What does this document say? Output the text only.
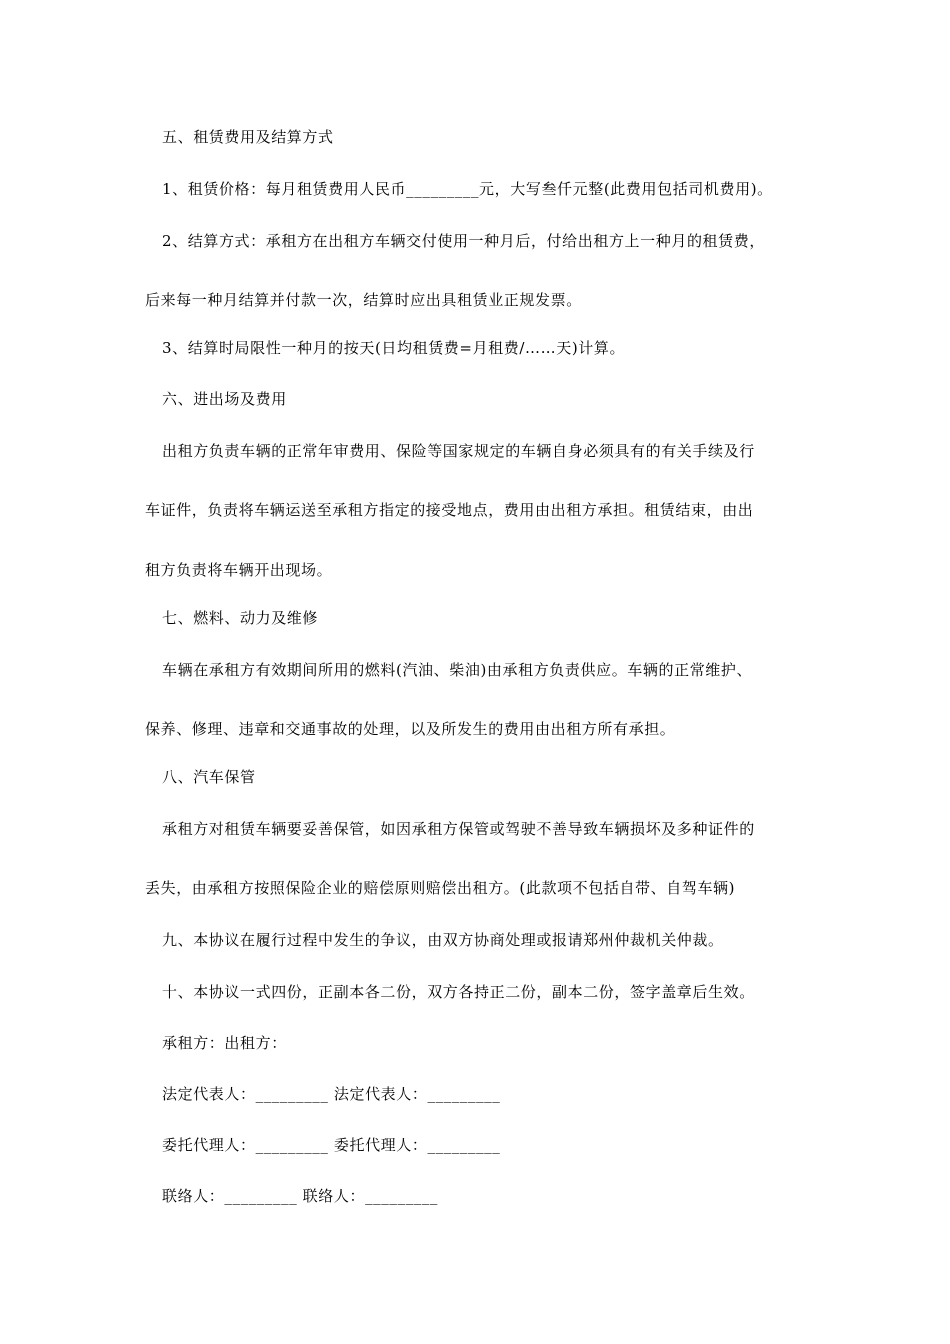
五、租赁费用及结算方式
1、租赁价格：每月租赁费用人民币_________元，大写叁仟元整(此费用包括司机费用)。
2、结算方式：承租方在出租方车辆交付使用一种月后，付给出租方上一种月的租赁费，
后来每一种月结算并付款一次，结算时应出具租赁业正规发票。
3、结算时局限性一种月的按天(日均租赁费=月租费/……天)计算。
六、进出场及费用
出租方负责车辆的正常年审费用、保险等国家规定的车辆自身必须具有的有关手续及行
车证件，负责将车辆运送至承租方指定的接受地点，费用由出租方承担。租赁结束，由出
租方负责将车辆开出现场。
七、燃料、动力及维修
车辆在承租方有效期间所用的燃料(汽油、柴油)由承租方负责供应。车辆的正常维护、
保养、修理、违章和交通事故的处理，以及所发生的费用由出租方所有承担。
八、汽车保管
承租方对租赁车辆要妥善保管，如因承租方保管或驾驶不善导致车辆损坏及多种证件的
丢失，由承租方按照保险企业的赔偿原则赔偿出租方。(此款项不包括自带、自驾车辆)
九、本协议在履行过程中发生的争议，由双方协商处理或报请郑州仲裁机关仲裁。
十、本协议一式四份，正副本各二份，双方各持正二份，副本二份，签字盖章后生效。
承租方：出租方：
法定代表人：_________ 法定代表人：_________
委托代理人：_________ 委托代理人：_________
联络人：_________ 联络人：_________
